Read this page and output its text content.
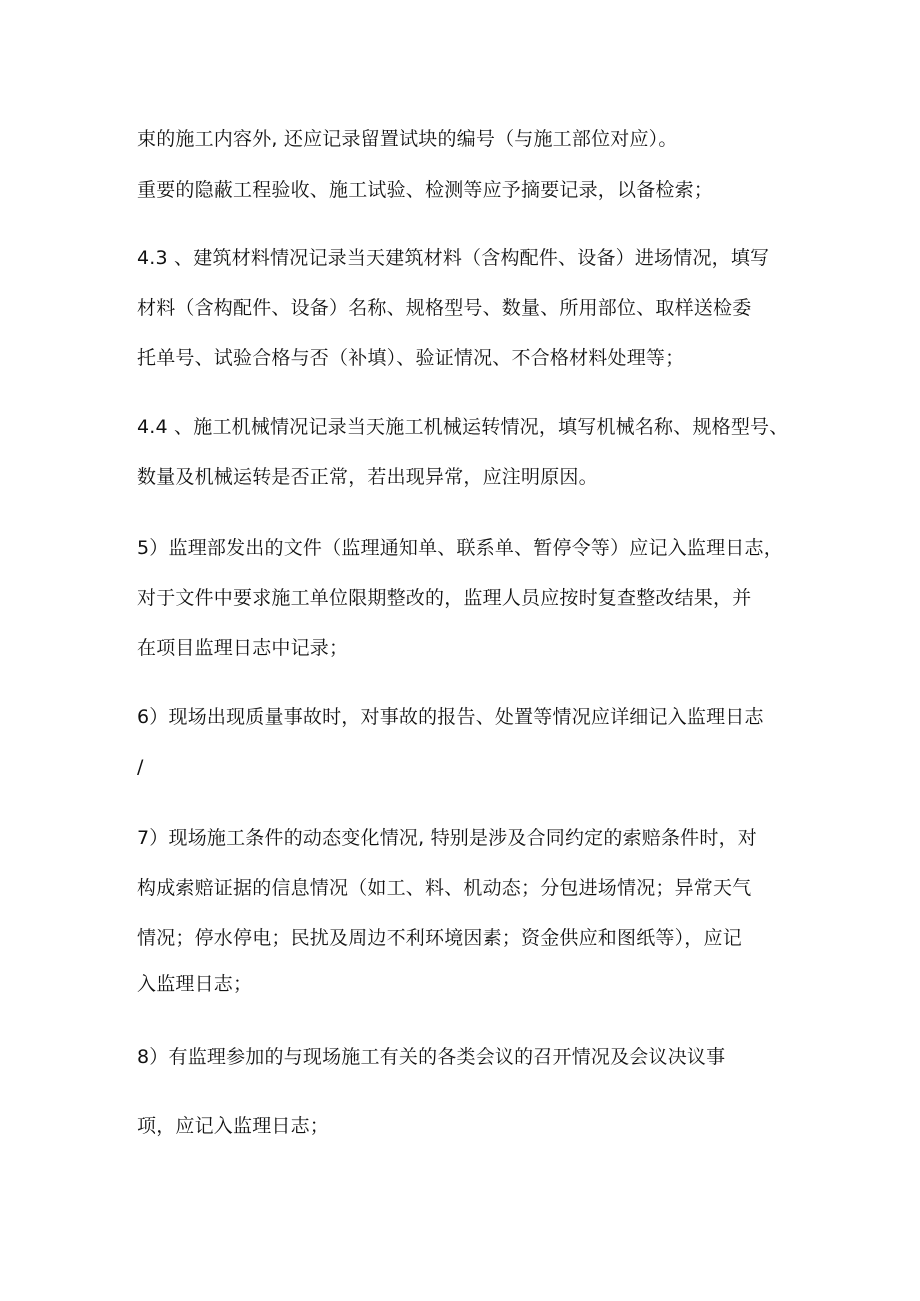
束的施工内容外, 还应记录留置试块的编号（与施工部位对应）。
重要的隐蔽工程验收、施工试验、检测等应予摘要记录，以备检索；
4.3 、建筑材料情况记录当天建筑材料（含构配件、设备）进场情况，填写
材料（含构配件、设备）名称、规格型号、数量、所用部位、取样送检委
托单号、试验合格与否（补填）、验证情况、不合格材料处理等；
4.4 、施工机械情况记录当天施工机械运转情况，填写机械名称、规格型号、
数量及机械运转是否正常，若出现异常，应注明原因。
5）监理部发出的文件（监理通知单、联系单、暂停令等）应记入监理日志，
对于文件中要求施工单位限期整改的，监理人员应按时复查整改结果，并
在项目监理日志中记录；
6）现场出现质量事故时，对事故的报告、处置等情况应详细记入监理日志
/
7）现场施工条件的动态变化情况, 特别是涉及合同约定的索赔条件时，对
构成索赔证据的信息情况（如工、料、机动态；分包进场情况；异常天气
情况；停水停电；民扰及周边不利环境因素；资金供应和图纸等），应记
入监理日志；
8）有监理参加的与现场施工有关的各类会议的召开情况及会议决议事
项，应记入监理日志；
